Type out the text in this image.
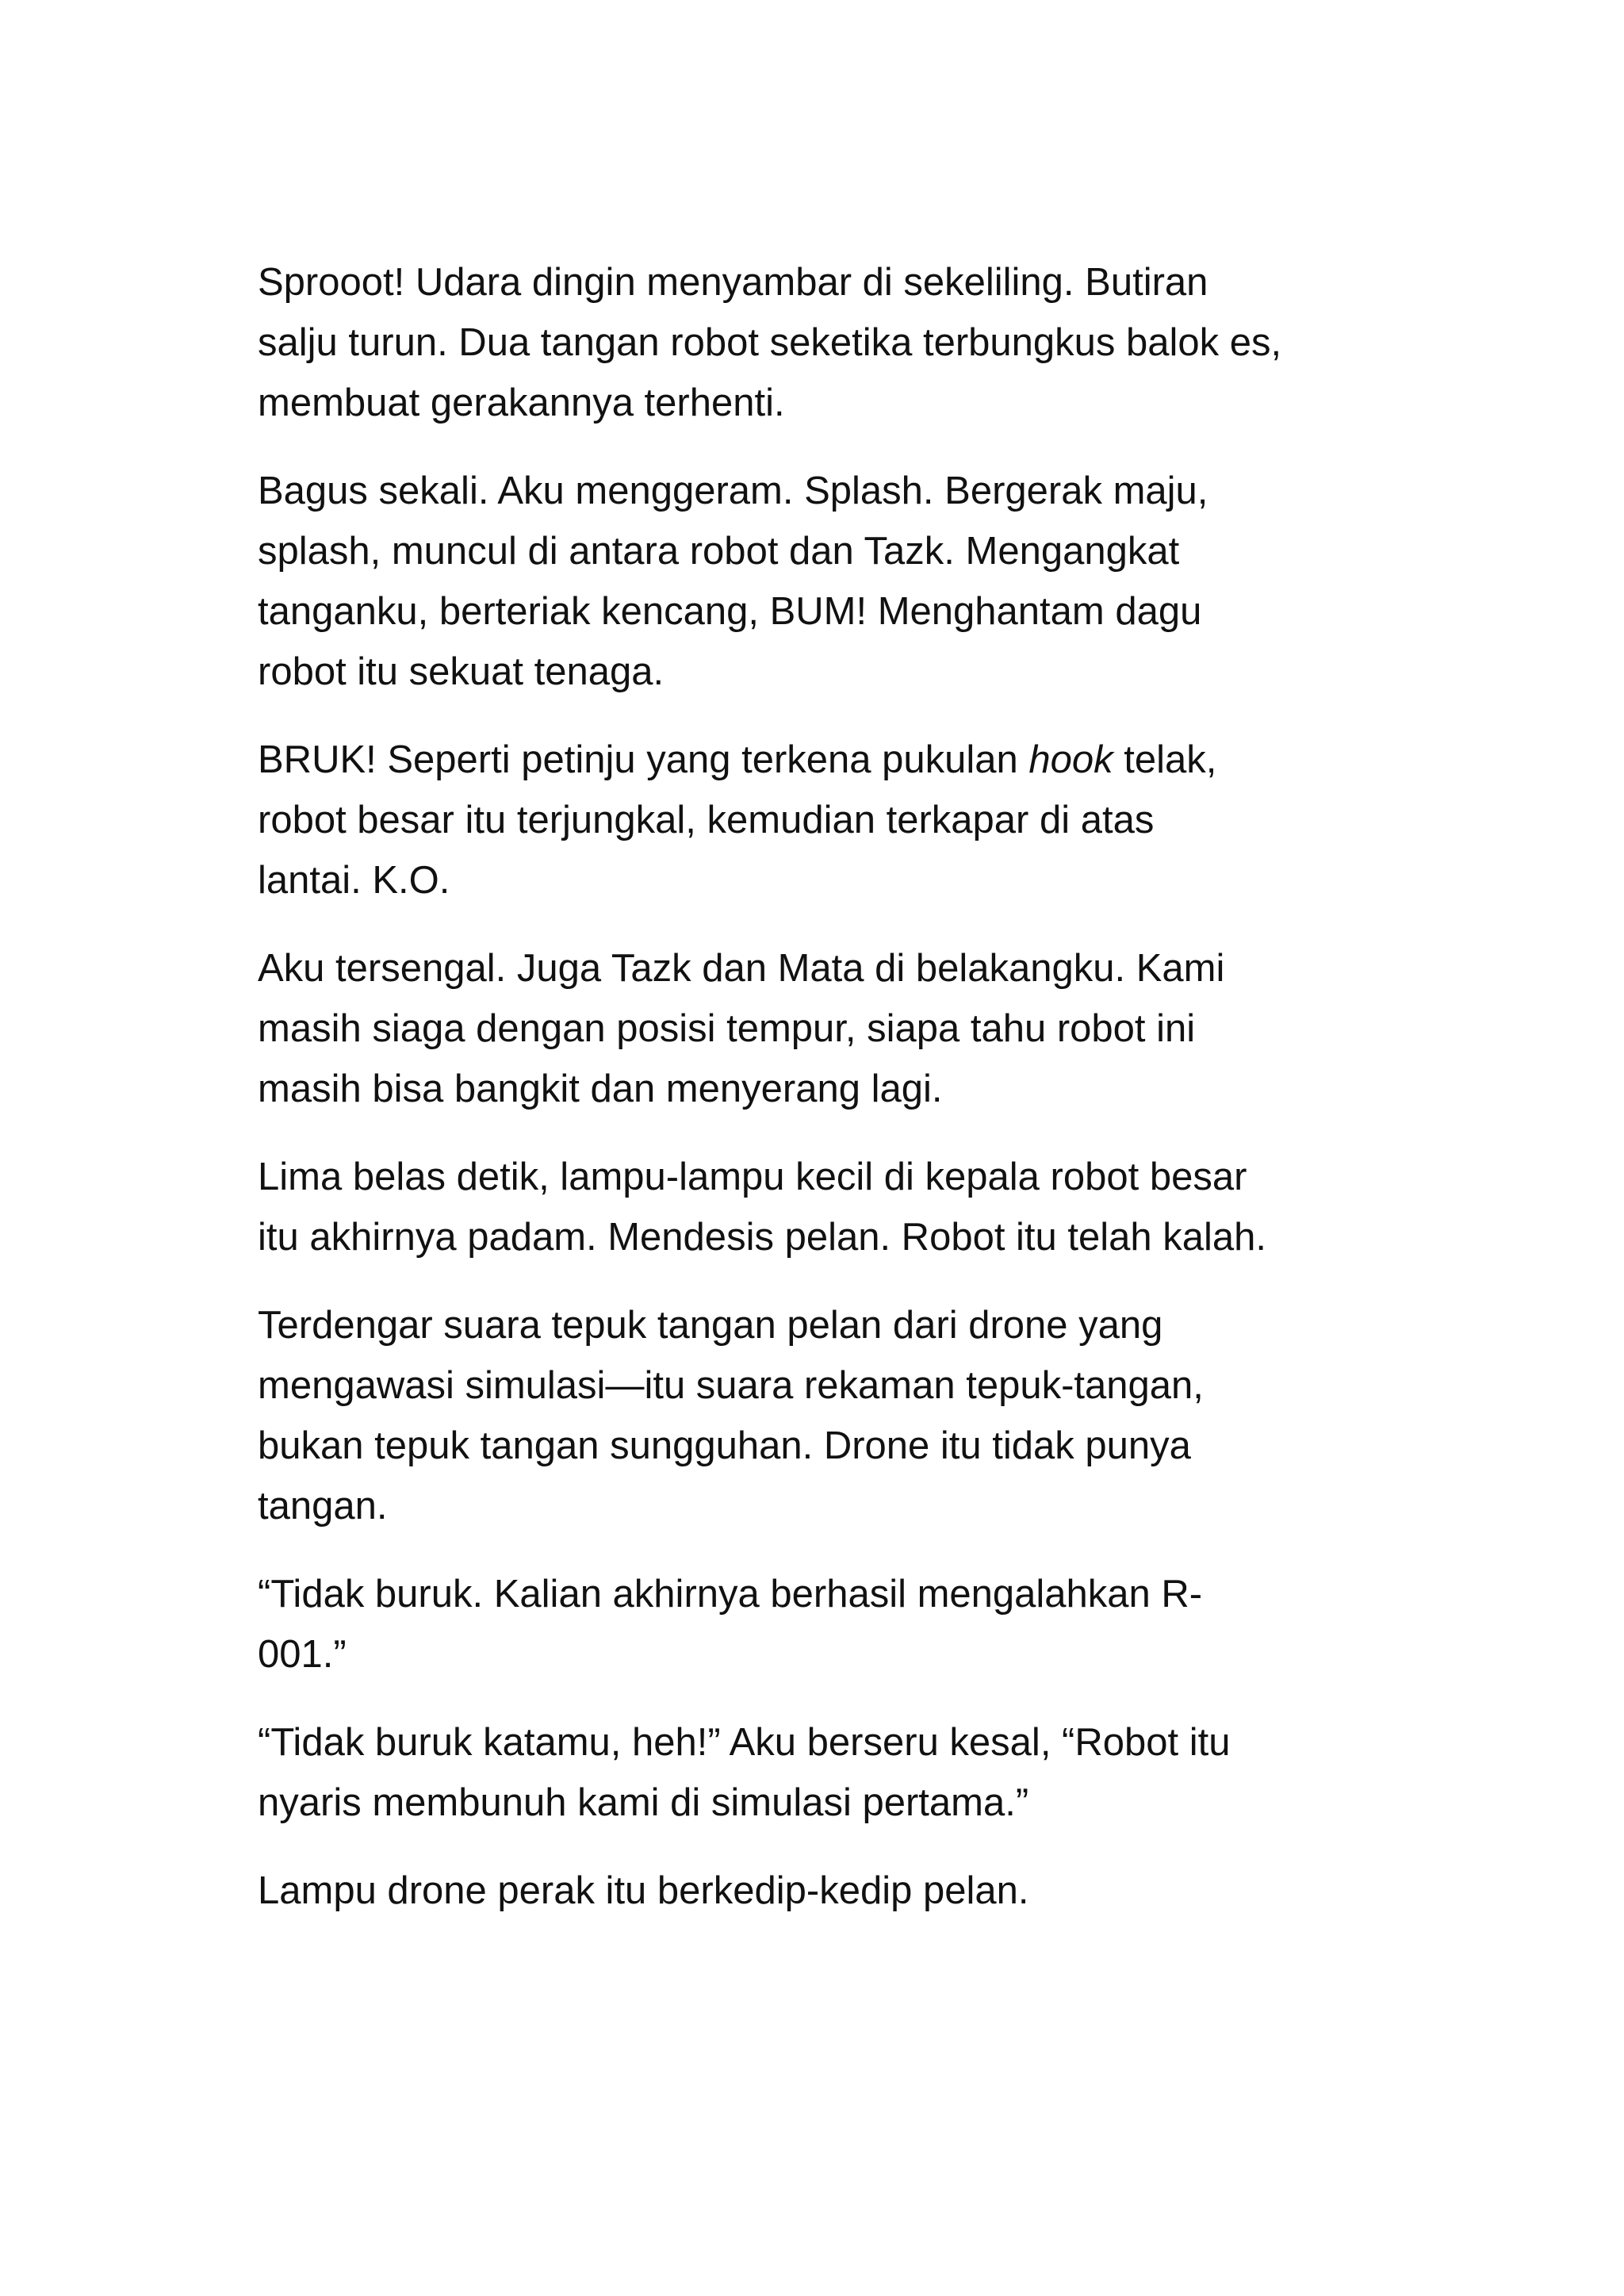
Sprooot! Udara dingin menyambar di sekeliling. Butiran
salju turun. Dua tangan robot seketika terbungkus balok es,
membuat gerakannya terhenti.

Bagus sekali. Aku menggeram. Splash. Bergerak maju,
splash, muncul di antara robot dan Tazk. Mengangkat
tanganku, berteriak kencang, BUM! Menghantam dagu
robot itu sekuat tenaga.

BRUK! Seperti petinju yang terkena pukulan hook telak,
robot besar itu terjungkal, kemudian terkapar di atas
lantai. K.O.

Aku tersengal. Juga Tazk dan Mata di belakangku. Kami
masih siaga dengan posisi tempur, siapa tahu robot ini
masih bisa bangkit dan menyerang lagi.

Lima belas detik, lampu-lampu kecil di kepala robot besar
itu akhirnya padam. Mendesis pelan. Robot itu telah kalah.

Terdengar suara tepuk tangan pelan dari drone yang
mengawasi simulasi—itu suara rekaman tepuk-tangan,
bukan tepuk tangan sungguhan. Drone itu tidak punya
tangan.

“Tidak buruk. Kalian akhirnya berhasil mengalahkan R-
001.”

“Tidak buruk katamu, heh!” Aku berseru kesal, “Robot itu
nyaris membunuh kami di simulasi pertama.”

Lampu drone perak itu berkedip-kedip pelan.
